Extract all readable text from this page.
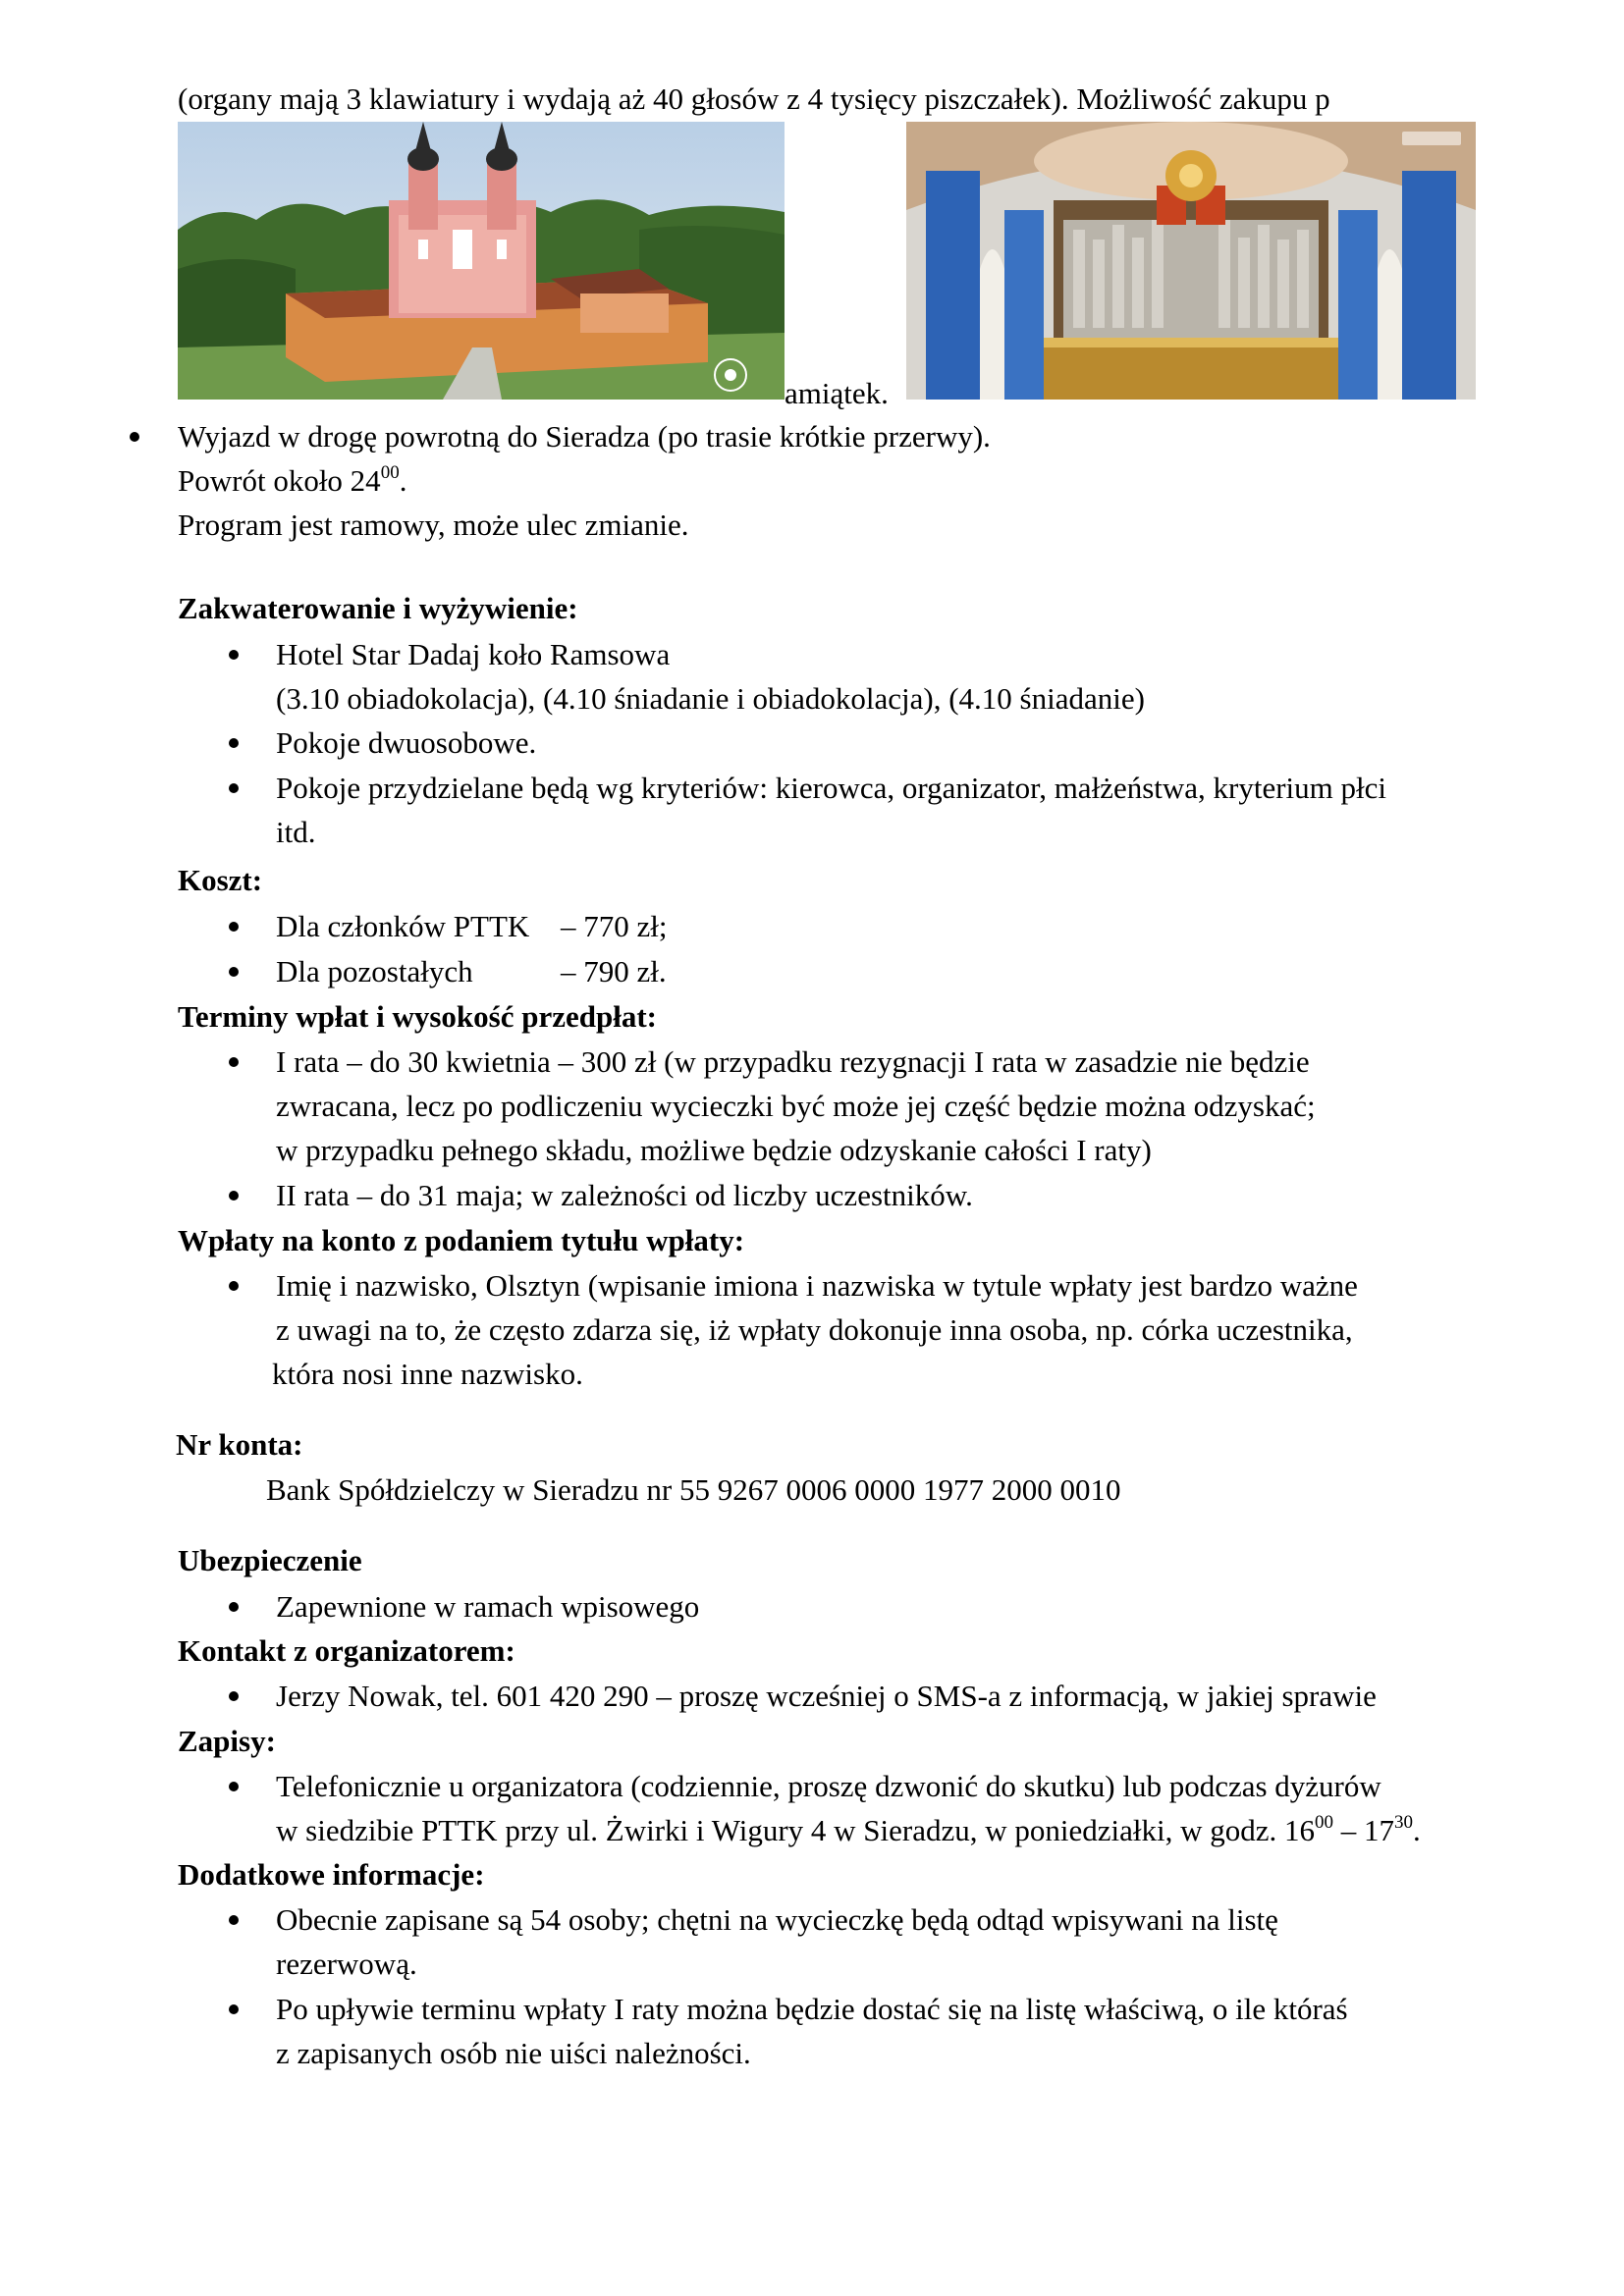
(organy mają 3 klawiatury i wydają aż 40 głosów z 4 tysięcy piszczałek). Możliwość zakupu p
amiątek.
Wyjazd w drogę powrotną do Sieradza (po trasie krótkie przerwy).
Powrót około $24^{00}$.
Program jest ramowy, może ulec zmianie.
Zakwaterowanie i wyżywienie:
Hotel Star Dadaj koło Ramsowa
(3.10 obiadokolacja), (4.10 śniadanie i obiadokolacja), (4.10 śniadanie)
Pokoje dwuosobowe.
Pokoje przydzielane będą wg kryteriów: kierowca, organizator, małżeństwa, kryterium płci
itd.
Koszt:
Dla członków PTTK – 770 zł;
Dla pozostałych	– 790 zł.
Terminy wpłat i wysokość przedpłat:
I rata – do 30 kwietnia – 300 zł (w przypadku rezygnacji I rata w zasadzie nie będzie
zwracana, lecz po podliczeniu wycieczki być może jej część będzie można odzyskać;
w przypadku pełnego składu, możliwe będzie odzyskanie całości I raty)
II rata – do 31 maja; w zależności od liczby uczestników.
Wpłaty na konto z podaniem tytułu wpłaty:
Imię i nazwisko, Olsztyn (wpisanie imiona i nazwiska w tytule wpłaty jest bardzo ważne
z uwagi na to, że często zdarza się, iż wpłaty dokonuje inna osoba, np. córka uczestnika,
która nosi inne nazwisko.
Nr konta:
Bank Spółdzielczy w Sieradzu nr 55 9267 0006 0000 1977 2000 0010
Ubezpieczenie
Zapewnione w ramach wpisowego
Kontakt z organizatorem:
Jerzy Nowak, tel. 601 420 290 – proszę wcześniej o SMS-a z informacją, w jakiej sprawie
Zapisy:
Telefonicznie u organizatora (codziennie, proszę dzwonić do skutku) lub podczas dyżurów
w siedzibie PTTK przy ul. Żwirki i Wigury 4 w Sieradzu, w poniedziałki, w godz. $16^{00} - 17^{30}$.
Dodatkowe informacje:
Obecnie zapisane są 54 osoby; chętni na wycieczkę będą odtąd wpisywani na listę
rezerwową.
Po upływie terminu wpłaty I raty można będzie dostać się na listę właściwą, o ile któraś
z zapisanych osób nie uiści należności.
